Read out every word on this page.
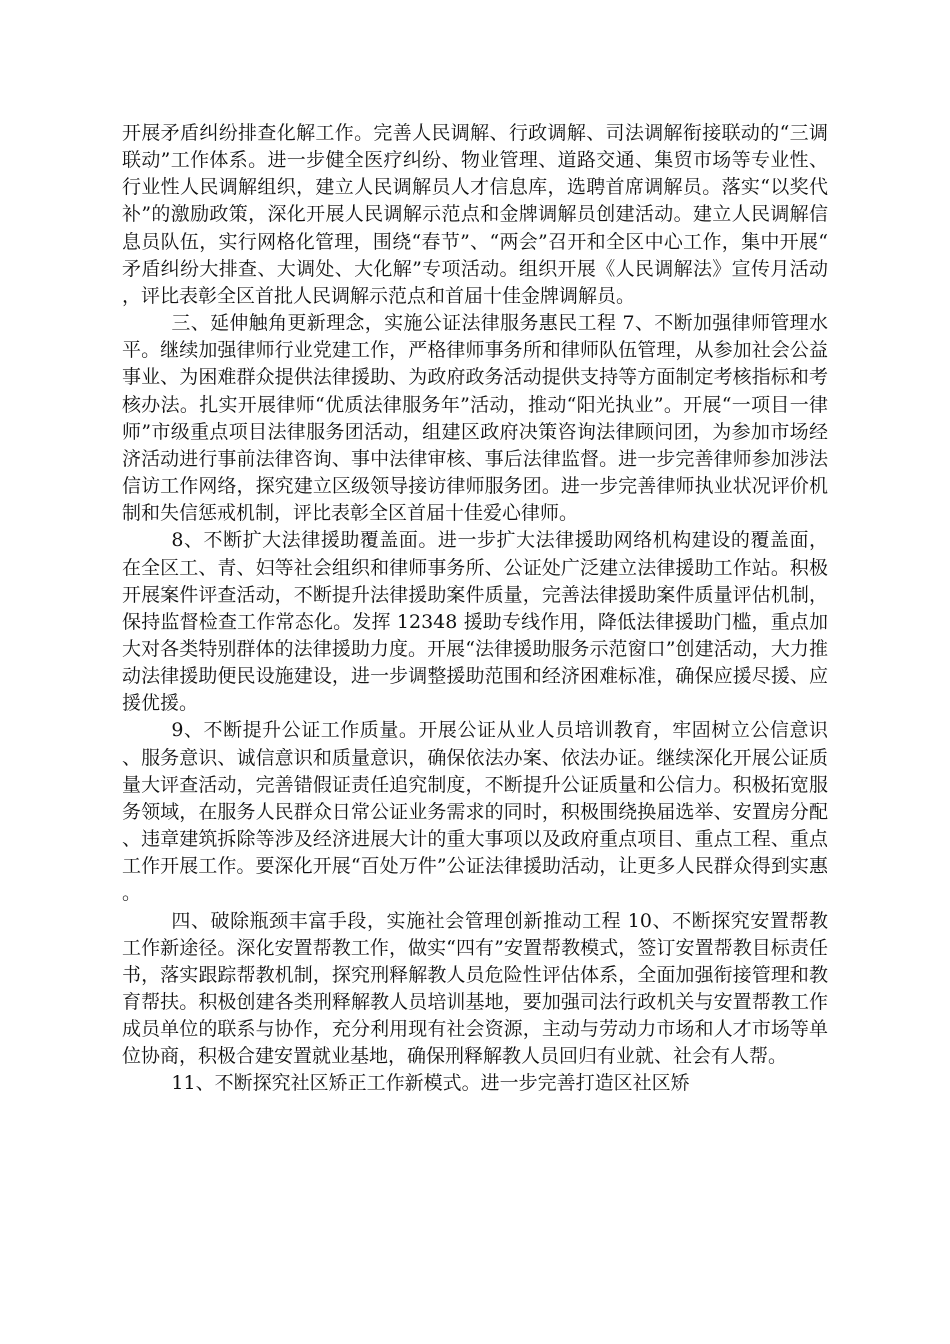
开展矛盾纠纷排查化解工作。完善人民调解、行政调解、司法调解衔接联动的“三调联动”工作体系。进一步健全医疗纠纷、物业管理、道路交通、集贸市场等专业性、行业性人民调解组织，建立人民调解员人才信息库，选聘首席调解员。落实“以奖代补”的激励政策，深化开展人民调解示范点和金牌调解员创建活动。建立人民调解信息员队伍，实行网格化管理，围绕“春节”、“两会”召开和全区中心工作，集中开展“矛盾纠纷大排查、大调处、大化解”专项活动。组织开展《人民调解法》宣传月活动，评比表彰全区首批人民调解示范点和首届十佳金牌调解员。

三、延伸触角更新理念，实施公证法律服务惠民工程 7、不断加强律师管理水平。继续加强律师行业党建工作，严格律师事务所和律师队伍管理，从参加社会公益事业、为困难群众提供法律援助、为政府政务活动提供支持等方面制定考核指标和考核办法。扎实开展律师“优质法律服务年”活动，推动“阳光执业”。开展“一项目一律师”市级重点项目法律服务团活动，组建区政府决策咨询法律顾问团，为参加市场经济活动进行事前法律咨询、事中法律审核、事后法律监督。进一步完善律师参加涉法信访工作网络，探究建立区级领导接访律师服务团。进一步完善律师执业状况评价机制和失信惩戒机制，评比表彰全区首届十佳爱心律师。

8、不断扩大法律援助覆盖面。进一步扩大法律援助网络机构建设的覆盖面，在全区工、青、妇等社会组织和律师事务所、公证处广泛建立法律援助工作站。积极开展案件评查活动，不断提升法律援助案件质量，完善法律援助案件质量评估机制，保持监督检查工作常态化。发挥 12348 援助专线作用，降低法律援助门槛，重点加大对各类特别群体的法律援助力度。开展“法律援助服务示范窗口”创建活动，大力推动法律援助便民设施建设，进一步调整援助范围和经济困难标准，确保应援尽援、应援优援。

9、不断提升公证工作质量。开展公证从业人员培训教育，牢固树立公信意识、服务意识、诚信意识和质量意识，确保依法办案、依法办证。继续深化开展公证质量大评查活动，完善错假证责任追究制度，不断提升公证质量和公信力。积极拓宽服务领域，在服务人民群众日常公证业务需求的同时，积极围绕换届选举、安置房分配、违章建筑拆除等涉及经济进展大计的重大事项以及政府重点项目、重点工程、重点工作开展工作。要深化开展“百处万件”公证法律援助活动，让更多人民群众得到实惠。

四、破除瓶颈丰富手段，实施社会管理创新推动工程 10、不断探究安置帮教工作新途径。深化安置帮教工作，做实“四有”安置帮教模式，签订安置帮教目标责任书，落实跟踪帮教机制，探究刑释解教人员危险性评估体系，全面加强衔接管理和教育帮扶。积极创建各类刑释解教人员培训基地，要加强司法行政机关与安置帮教工作成员单位的联系与协作，充分利用现有社会资源，主动与劳动力市场和人才市场等单位协商，积极合建安置就业基地，确保刑释解教人员回归有业就、社会有人帮。

11、不断探究社区矫正工作新模式。进一步完善打造区社区矫
